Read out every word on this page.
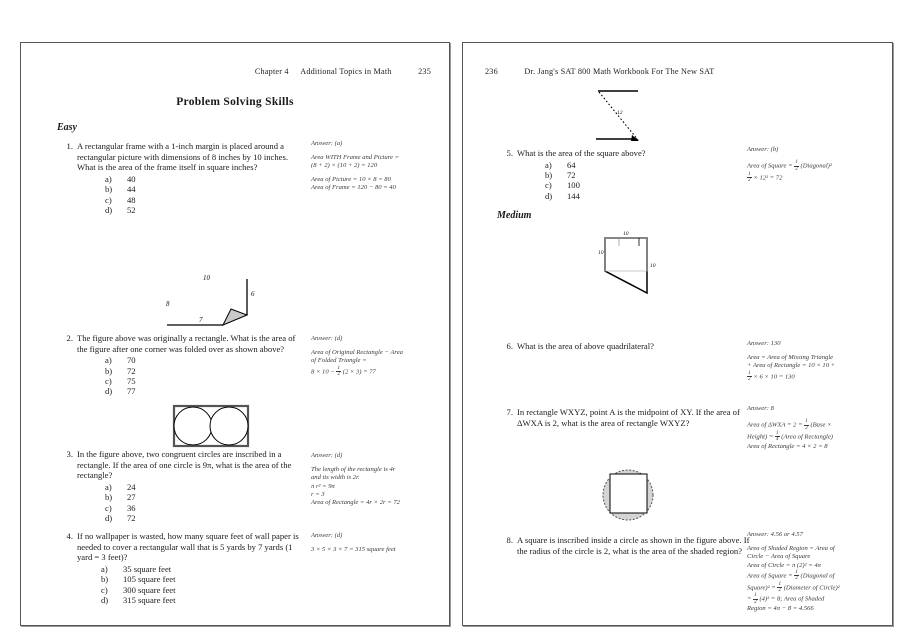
Chapter 4 Additional Topics in Math	235
Problem Solving Skills
Easy
1. A rectangular frame with a 1-inch margin is placed around a rectangular picture with dimensions of 8 inches by 10 inches. What is the area of the frame itself in square inches?
a) 40
b) 44
c) 48
d) 52
Answer: (a)
Area WITH Frame and Picture =
(8 + 2) × (10 + 2) = 120
Area of Picture = 10 × 8 = 80
Area of Frame = 120 − 80 = 40
10
8
7
6
2. The figure above was originally a rectangle. What is the area of the figure after one corner was folded over as shown above?
a) 70
b) 72
c) 75
d) 77
Answer: (d)
Area of Original Rectangle − Area
of Folded Triangle =
$8 \times 10 - \frac{1}{2} (2 \times 3) = 77$
3. In the figure above, two congruent circles are inscribed in a rectangle. If the area of one circle is 9π, what is the area of the rectangle?
a) 24
b) 27
c) 36
d) 72
Answer: (d)
The length of the rectangle is 4r
and its width is 2r.
π r² = 9π
r = 3
Area of Rectangle = 4r × 2r = 72
4. If no wallpaper is wasted, how many square feet of wall paper is needed to cover a rectangular wall that is 5 yards by 7 yards (1 yard = 3 feet)?
a) 35 square feet
b) 105 square feet
c) 300 square feet
d) 315 square feet
Answer: (d)
3 × 5 × 3 × 7 = 315 square feet
236	Dr. Jang's SAT 800 Math Workbook For The New SAT
12
5. What is the area of the square above?
a) 64
b) 72
c) 100
d) 144
Answer: (b)
Area of Square = $\frac{1}{2}$ (Diagonal)²
$\frac{1}{2} \times 12^2 = 72$
Medium
10
10
10
6. What is the area of above quadrilateral?	Answer: 130
Area = Area of Missing Triangle
+ Area of Rectangle = 10 × 10 +
$\frac{1}{2} \times 6 \times 10 = 130$
7. In rectangle WXYZ, point A is the midpoint of XY. If the area of ΔWXA is 2, what is the area of rectangle WXYZ?
Answer: 8
Area of $\Delta WXA = 2 = \frac{1}{2}$ (Base ×
Height) = $\frac{1}{4}$ (Area of Rectangle)
Area of Rectangle = 4 × 2 = 8
8. A square is inscribed inside a circle as shown in the figure above. If the radius of the circle is 2, what is the area of the shaded region?
Answer: 4.56 or 4.57
Area of Shaded Region = Area of
Circle − Area of Square
Area of Circle = π (2)² = 4π
Area of Square = $\frac{1}{2}$ (Diagonal of
Square)² = $\frac{1}{2}$ (Diameter of Circle)²
= $\frac{1}{2} (4)^2 = 8$; Area of Shaded
Region = 4π − 8 = 4.566
